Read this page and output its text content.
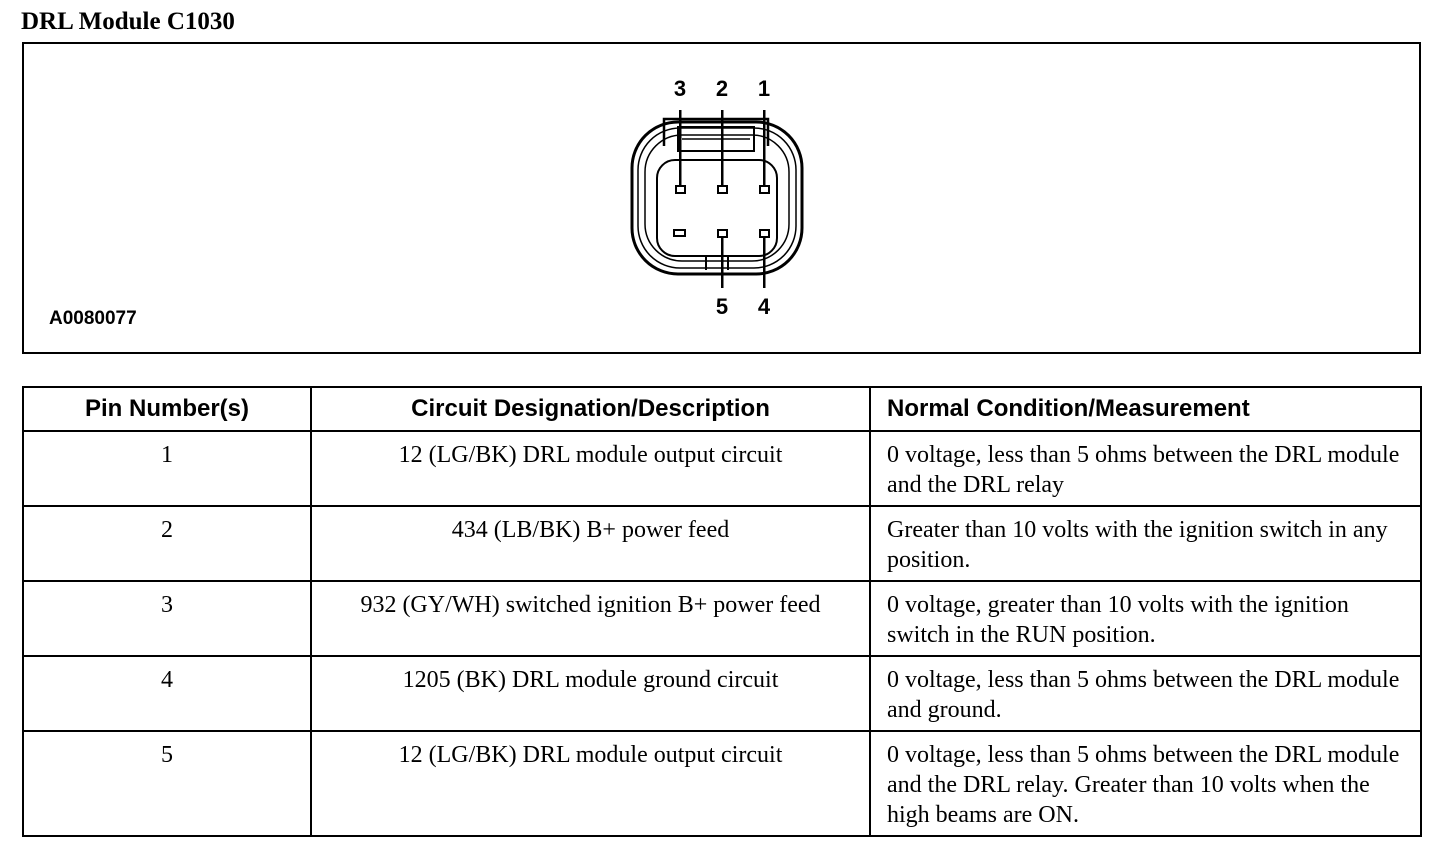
DRL Module C1030
3 2 1
5 4
A0080077
Pin Number(s)	Circuit Designation/Description	Normal Condition/Measurement
1	12 (LG/BK) DRL module output circuit	0 voltage, less than 5 ohms between the DRL module and the DRL relay
2	434 (LB/BK) B+ power feed	Greater than 10 volts with the ignition switch in any position.
3	932 (GY/WH) switched ignition B+ power feed	0 voltage, greater than 10 volts with the ignition switch in the RUN position.
4	1205 (BK) DRL module ground circuit	0 voltage, less than 5 ohms between the DRL module and ground.
5	12 (LG/BK) DRL module output circuit	0 voltage, less than 5 ohms between the DRL module and the DRL relay. Greater than 10 volts when the high beams are ON.
